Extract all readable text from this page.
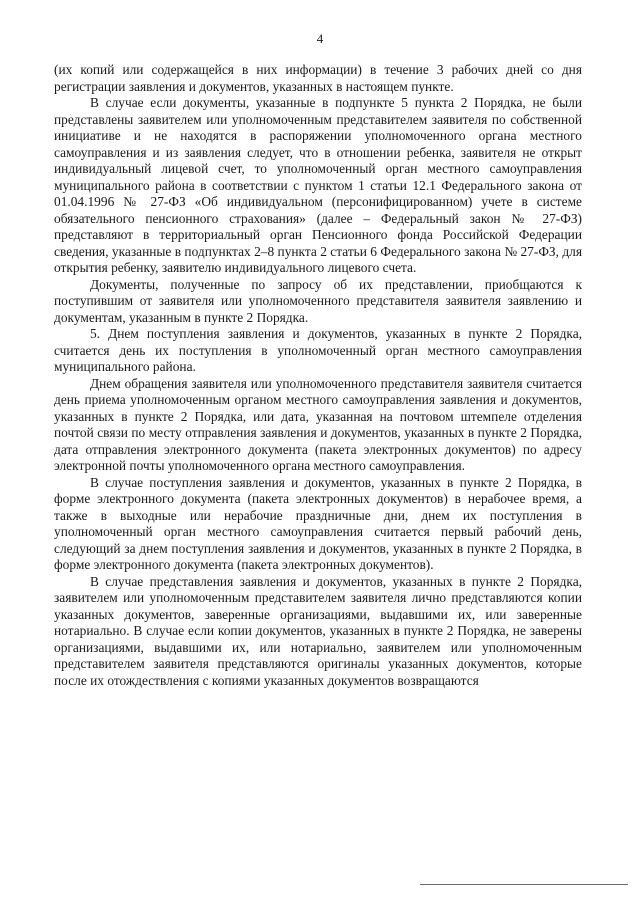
4

(их копий или содержащейся в них информации) в течение 3 рабочих дней со дня регистрации заявления и документов, указанных в настоящем пункте.

В случае если документы, указанные в подпункте 5 пункта 2 Порядка, не были представлены заявителем или уполномоченным представителем заявителя по собственной инициативе и не находятся в распоряжении уполномоченного органа местного самоуправления и из заявления следует, что в отношении ребенка, заявителя не открыт индивидуальный лицевой счет, то уполномоченный орган местного самоуправления муниципального района в соответствии с пунктом 1 статьи 12.1 Федерального закона от 01.04.1996 № 27-ФЗ «Об индивидуальном (персонифицированном) учете в системе обязательного пенсионного страхования» (далее – Федеральный закон № 27-ФЗ) представляют в территориальный орган Пенсионного фонда Российской Федерации сведения, указанные в подпунктах 2–8 пункта 2 статьи 6 Федерального закона № 27-ФЗ, для открытия ребенку, заявителю индивидуального лицевого счета.

Документы, полученные по запросу об их представлении, приобщаются к поступившим от заявителя или уполномоченного представителя заявителя заявлению и документам, указанным в пункте 2 Порядка.

5. Днем поступления заявления и документов, указанных в пункте 2 Порядка, считается день их поступления в уполномоченный орган местного самоуправления муниципального района.

Днем обращения заявителя или уполномоченного представителя заявителя считается день приема уполномоченным органом местного самоуправления заявления и документов, указанных в пункте 2 Порядка, или дата, указанная на почтовом штемпеле отделения почтой связи по месту отправления заявления и документов, указанных в пункте 2 Порядка, дата отправления электронного документа (пакета электронных документов) по адресу электронной почты уполномоченного органа местного самоуправления.

В случае поступления заявления и документов, указанных в пункте 2 Порядка, в форме электронного документа (пакета электронных документов) в нерабочее время, а также в выходные или нерабочие праздничные дни, днем их поступления в уполномоченный орган местного самоуправления считается первый рабочий день, следующий за днем поступления заявления и документов, указанных в пункте 2 Порядка, в форме электронного документа (пакета электронных документов).

В случае представления заявления и документов, указанных в пункте 2 Порядка, заявителем или уполномоченным представителем заявителя лично представляются копии указанных документов, заверенные организациями, выдавшими их, или заверенные нотариально. В случае если копии документов, указанных в пункте 2 Порядка, не заверены организациями, выдавшими их, или нотариально, заявителем или уполномоченным представителем заявителя представляются оригиналы указанных документов, которые после их отождествления с копиями указанных документов возвращаются
